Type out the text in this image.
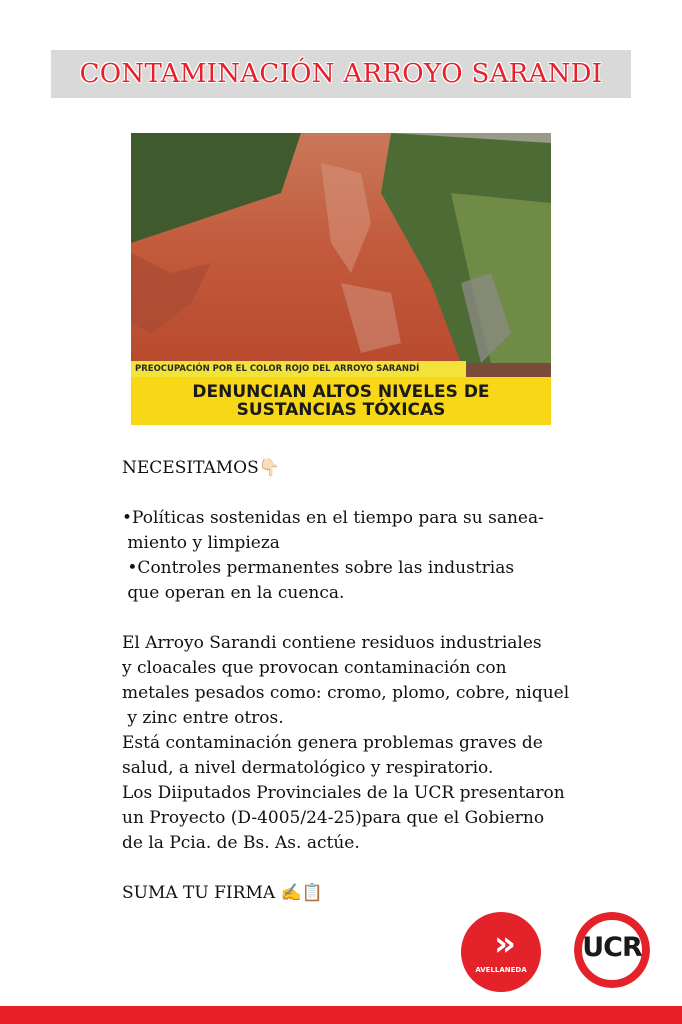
CONTAMINACIÓN ARROYO SARANDI
PREOCUPACIÓN POR EL COLOR ROJO DEL ARROYO SARANDÍ
DENUNCIAN ALTOS NIVELES DE
SUSTANCIAS TÓXICAS

NECESITAMOS👇🏻

•Políticas sostenidas en el tiempo para su sanea-

miento y limpieza

•Controles permanentes sobre las industrias

que operan en la cuenca.

El Arroyo Sarandi contiene residuos industriales

y cloacales que provocan contaminación con

metales pesados como: cromo, plomo, cobre, niquel

y zinc entre otros.

Está contaminación genera problemas graves de

salud, a nivel dermatológico y respiratorio.

Los Diiputados Provinciales de la UCR presentaron

un Proyecto (D-4005/24-25)para que el Gobierno

de la Pcia. de Bs. As. actúe.

SUMA TU FIRMA ✍️📋

»
AVELLANEDA
UCR
